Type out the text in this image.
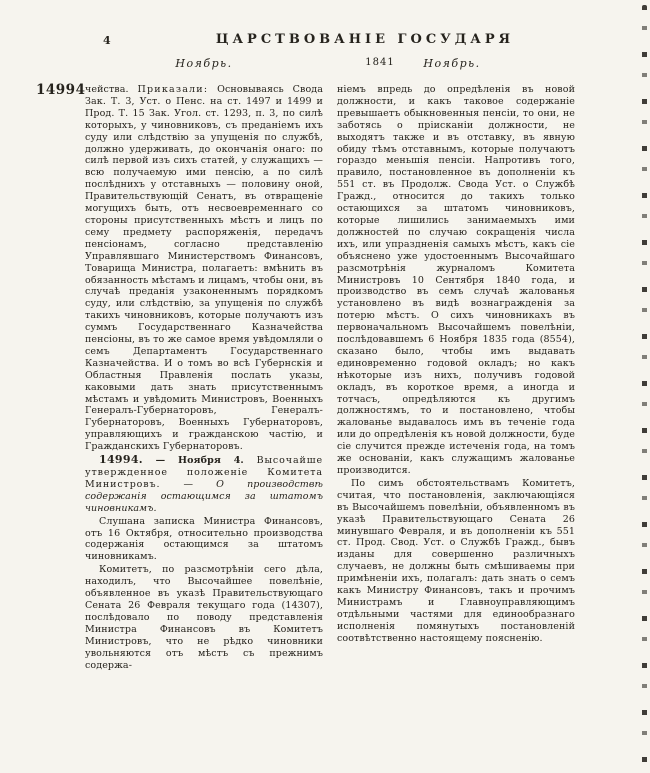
4	ЦАРСТВОВАНІЕ ГОСУДАРЯ
Ноябрь.	1841	Ноябрь.
14994 чейства. Приказали: Основываясь Свода Зак. Т. 3, Уст. о Пенс. на ст. 1497 и 1499 и Прод. Т. 15 Зак. Угол. ст. 1293, п. 3, по силѣ которыхъ, у чиновниковъ, съ преданіемъ ихъ суду или слѣдствію за упущенія по службѣ, должно удерживать, до окончанія онаго: по силѣ первой изъ сихъ статей, у служащихъ — всю получаемую ими пенсію, а по силѣ послѣднихъ у отставныхъ — половину оной, Правительствующій Сенатъ, въ отвращеніе могущихъ быть, отъ несвоевременнаго со стороны присутственныхъ мѣстъ и лицъ по сему предмету распоряженія, передачъ пенсіонамъ, согласно представленію Управлявшаго Министерствомъ Финансовъ, Товарища Министра, полагаетъ: вмѣнить въ обязанность мѣстамъ и лицамъ, чтобы они, въ случаѣ преданія узаконеннымъ порядкомъ суду, или слѣдствію, за упущенія по службѣ такихъ чиновниковъ, которые получаютъ изъ суммъ Государственнаго Казначейства пенсіоны, въ то же самое время увѣдомляли о семъ Департаментъ Государственнаго Казначейства. И о томъ во всѣ Губернскія и Областныя Правленія послать указы, каковыми дать знать присутственнымъ мѣстамъ и увѣдомить Министровъ, Военныхъ Генералъ-Губернаторовъ, Генералъ-Губернаторовъ, Военныхъ Губернаторовъ, управляющихъ и гражданскою частію, и Гражданскихъ Губернаторовъ.

14994. — Ноября 4. Высочайше утвержденное положеніе Комитета Министровъ. — О производствѣ содержанія остающимся за штатомъ чиновникамъ.

Слушана записка Министра Финансовъ, отъ 16 Октября, относительно производства содержанія остающимся за штатомъ чиновникамъ.

Комитетъ, по разсмотрѣніи сего дѣла, находилъ, что Высочайшее повелѣніе, объявленное въ указѣ Правительствующаго Сената 26 Февраля текущаго года (14307), послѣдовало по поводу представленія Министра Финансовъ въ Комитетъ Министровъ, что не рѣдко чиновники увольняются отъ мѣстъ съ прежнимъ содержа-

ніемъ впредь до опредѣленія въ новой должности, и какъ таковое содержаніе превышаетъ обыкновенныя пенсіи, то они, не заботясь о пріисканіи должности, не выходятъ также и въ отставку, въ явную обиду тѣмъ отставнымъ, которые получаютъ гораздо меньшія пенсіи. Напротивъ того, правило, постановленное въ дополненіи къ 551 ст. въ Продолж. Свода Уст. о Службѣ Гражд., относится до такихъ только остающихся за штатомъ чиновниковъ, которые лишились занимаемыхъ ими должностей по случаю сокращенія числа ихъ, или упраздненія самыхъ мѣстъ, какъ сіе объяснено уже удостоеннымъ Высочайшаго разсмотрѣнія журналомъ Комитета Министровъ 10 Сентября 1840 года, и производство въ семъ случаѣ жалованья установлено въ видѣ вознагражденія за потерю мѣстъ. О сихъ чиновникахъ въ первоначальномъ Высочайшемъ повелѣніи, послѣдовавшемъ 6 Ноября 1835 года (8554), сказано было, чтобы имъ выдавать единовременно годовой окладъ; но какъ нѣкоторые изъ нихъ, получивъ годовой окладъ, въ короткое время, а иногда и тотчасъ, опредѣляются къ другимъ должностямъ, то и постановлено, чтобы жалованье выдавалось имъ въ теченіе года или до опредѣленія къ новой должности, буде сіе случится прежде истеченія года, на томъ же основаніи, какъ служащимъ жалованье производится.

По симъ обстоятельствамъ Комитетъ, считая, что постановленія, заключающіяся въ Высочайшемъ повелѣніи, объявленномъ въ указѣ Правительствующаго Сената 26 минувшаго Февраля, и въ дополненіи къ 551 ст. Прод. Свод. Уст. о Службѣ Гражд., бывъ изданы для совершенно различныхъ случаевъ, не должны быть смѣшиваемы при примѣненіи ихъ, полагалъ: дать знать о семъ какъ Министру Финансовъ, такъ и прочимъ Министрамъ и Главноуправляющимъ отдѣльными частями для единообразнаго исполненія помянутыхъ постановленій соотвѣтственно настоящему поясненію.
